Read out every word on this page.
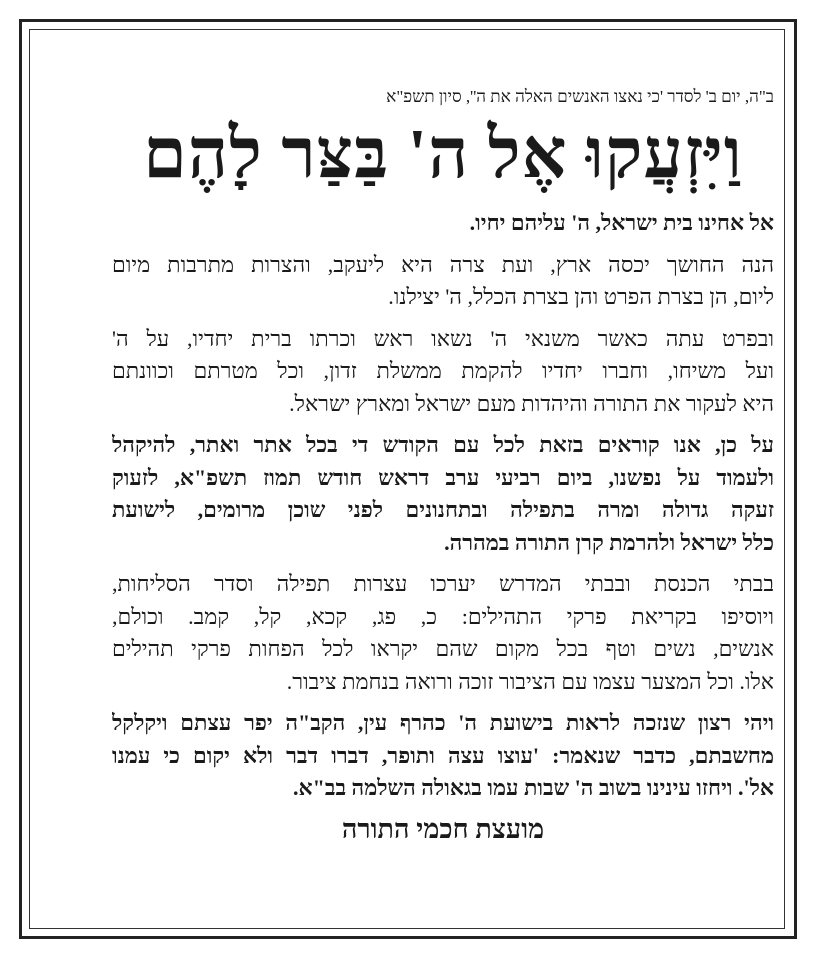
ב"ה, יום ב' לסדר 'כי נאצו האנשים האלה את ה'', סיון תשפ"א
וַיִּזְעֲקוּ אֶל ה' בַּצַּר לָהֶם
אל אחינו בית ישראל, ה' עליהם יחיו.
הנה החושך יכסה ארץ, ועת צרה היא ליעקב, והצרות מתרבות מיום
ליום, הן בצרת הפרט והן בצרת הכלל, ה' יצילנו.
ובפרט עתה כאשר משנאי ה' נשאו ראש וכרתו ברית יחדיו, על ה'
ועל משיחו, וחברו יחדיו להקמת ממשלת זדון, וכל מטרתם וכוונתם
היא לעקור את התורה והיהדות מעם ישראל ומארץ ישראל.
על כן, אנו קוראים בזאת לכל עם הקודש די בכל אתר ואתר, להיקהל
ולעמוד על נפשנו, ביום רביעי ערב דראש חודש תמוז תשפ"א, לזעוק
זעקה גדולה ומרה בתפילה ובתחנונים לפני שוכן מרומים, לישועת
כלל ישראל ולהרמת קרן התורה במהרה.
בבתי הכנסת ובבתי המדרש יערכו עצרות תפילה וסדר הסליחות,
ויוסיפו בקריאת פרקי התהילים: כ, פג, קכא, קל, קמב. וכולם,
אנשים, נשים וטף בכל מקום שהם יקראו לכל הפחות פרקי תהילים
אלו. וכל המצער עצמו עם הציבור זוכה ורואה בנחמת ציבור.
ויהי רצון שנזכה לראות בישועת ה' כהרף עין, הקב"ה יפר עצתם ויקלקל
מחשבתם, כדבר שנאמר: 'עוצו עצה ותופר, דברו דבר ולא יקום כי עמנו
אל'. ויחזו עינינו בשוב ה' שבות עמו בגאולה השלמה בב"א.
מועצת חכמי התורה
